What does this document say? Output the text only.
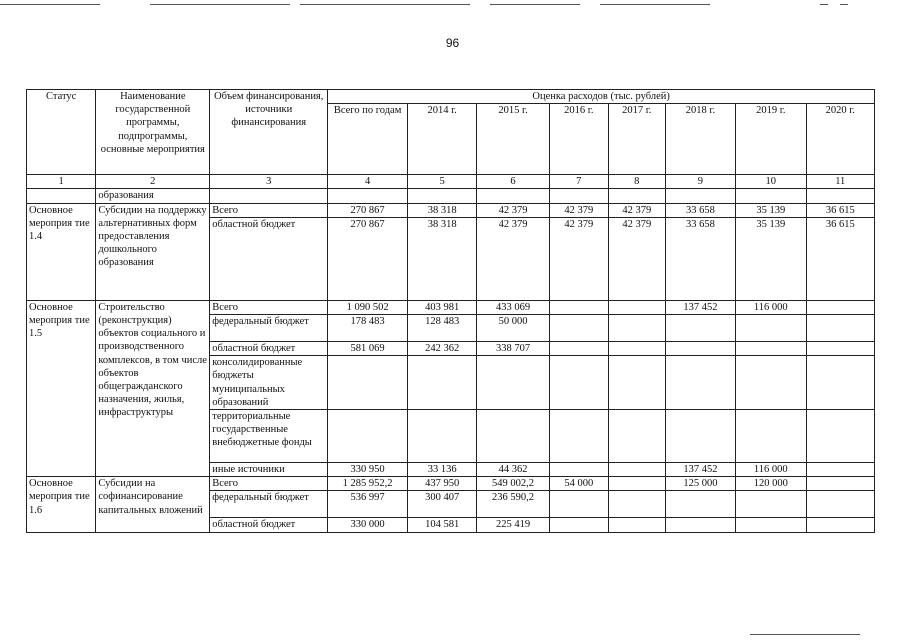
96
Статус	Наименование государственной программы, подпрограммы, основные мероприятия	Объем финансирования, источники финансирования	Оценка расходов (тыс. рублей)							
			Всего по годам	2014 г.	2015 г.	2016 г.	2017 г.	2018 г.	2019 г.	2020 г.
1	2	3	4	5	6	7	8	9	10	11
	образования									
Основное мероприя тие 1.4	Субсидии на поддержку альтернативных форм предоставления дошкольного образования	Всего	270 867	38 318	42 379	42 379	42 379	33 658	35 139	36 615
		областной бюджет	270 867	38 318	42 379	42 379	42 379	33 658	35 139	36 615
Основное мероприя тие 1.5	Строительство (реконструкция) объектов социального и производственного комплексов, в том числе объектов общегражданского назначения, жилья, инфраструктуры	Всего	1 090 502	403 981	433 069			137 452	116 000	
		федеральный бюджет	178 483	128 483	50 000					
		областной бюджет	581 069	242 362	338 707					
		консолидированные бюджеты муниципальных образований								
		территориальные государственные внебюджетные фонды								
		иные источники	330 950	33 136	44 362			137 452	116 000	
Основное мероприя тие 1.6	Субсидии на софинансирование капитальных вложений	Всего	1 285 952,2	437 950	549 002,2	54 000		125 000	120 000	
		федеральный бюджет	536 997	300 407	236 590,2					
		областной бюджет	330 000	104 581	225 419					
